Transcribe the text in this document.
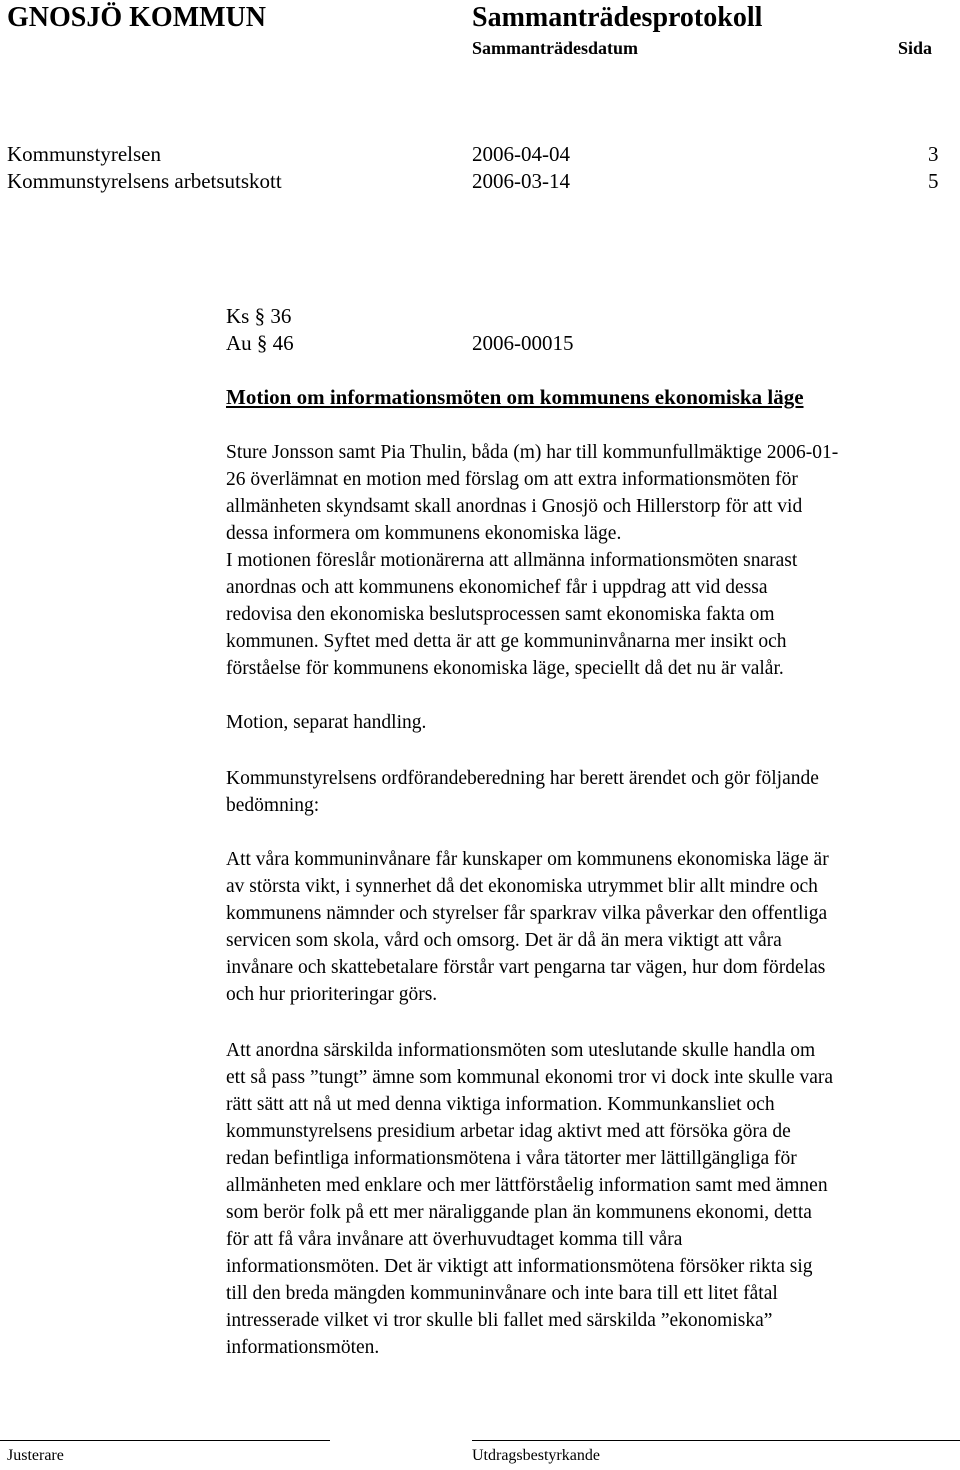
GNOSJÖ KOMMUN	Sammanträdesprotokoll
Sammanträdesdatum	Sida
Kommunstyrelsen	2006-04-04	3
Kommunstyrelsens arbetsutskott	2006-03-14	5
Ks § 36
Au § 46	2006-00015
Motion om informationsmöten om kommunens ekonomiska läge

Sture Jonsson samt Pia Thulin, båda (m) har till kommunfullmäktige 2006-01-

26 överlämnat en motion med förslag om att extra informationsmöten för

allmänheten skyndsamt skall anordnas i Gnosjö och Hillerstorp för att vid

dessa informera om kommunens ekonomiska läge.

I motionen föreslår motionärerna att allmänna informationsmöten snarast

anordnas och att kommunens ekonomichef får i uppdrag att vid dessa

redovisa den ekonomiska beslutsprocessen samt ekonomiska fakta om

kommunen. Syftet med detta är att ge kommuninvånarna mer insikt och

förståelse för kommunens ekonomiska läge, speciellt då det nu är valår.

Motion, separat handling.

Kommunstyrelsens ordförandeberedning har berett ärendet och gör följande

bedömning:

Att våra kommuninvånare får kunskaper om kommunens ekonomiska läge är

av största vikt, i synnerhet då det ekonomiska utrymmet blir allt mindre och

kommunens nämnder och styrelser får sparkrav vilka påverkar den offentliga

servicen som skola, vård och omsorg. Det är då än mera viktigt att våra

invånare och skattebetalare förstår vart pengarna tar vägen, hur dom fördelas

och hur prioriteringar görs.

Att anordna särskilda informationsmöten som uteslutande skulle handla om

ett så pass ”tungt” ämne som kommunal ekonomi tror vi dock inte skulle vara

rätt sätt att nå ut med denna viktiga information. Kommunkansliet och

kommunstyrelsens presidium arbetar idag aktivt med att försöka göra de

redan befintliga informationsmötena i våra tätorter mer lättillgängliga för

allmänheten med enklare och mer lättförståelig information samt med ämnen

som berör folk på ett mer näraliggande plan än kommunens ekonomi, detta

för att få våra invånare att överhuvudtaget komma till våra

informationsmöten. Det är viktigt att informationsmötena försöker rikta sig

till den breda mängden kommuninvånare och inte bara till ett litet fåtal

intresserade vilket vi tror skulle bli fallet med särskilda ”ekonomiska”

informationsmöten.

Justerare	Utdragsbestyrkande
